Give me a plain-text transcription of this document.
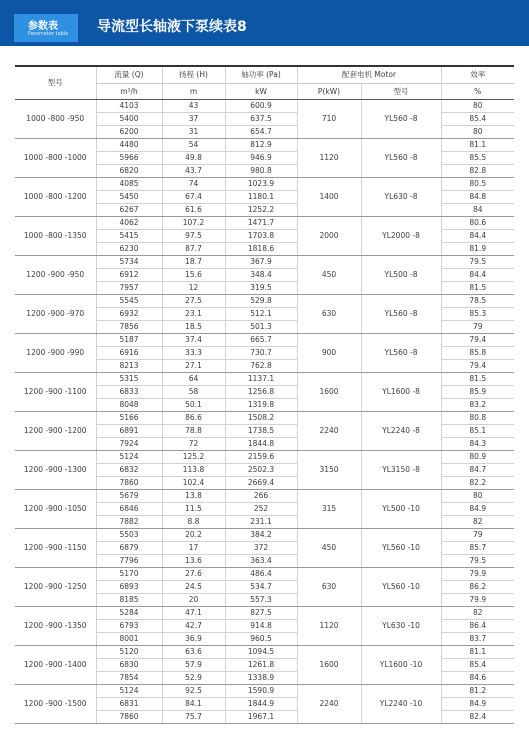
参数表
Parameter table 导流型长轴液下泵续表8
型号	流量 (Q)	扬程 (H)	轴功率 (Pa)	配套电机 Motor		效率
	m³/h	m	kW	P(kW)	型号	%
1000 -800 -950	4103	43	600.9	710	YL560 -8	80
	5400	37	637.5			85.4
	6200	31	654.7			80
1000 -800 -1000	4480	54	812.9	1120	YL560 -8	81.1
	5966	49.8	946.9			85.5
	6820	43.7	980.8			82.8
1000 -800 -1200	4085	74	1023.9	1400	YL630 -8	80.5
	5450	67.4	1180.1			84.8
	6267	61.6	1252.2			84
1000 -800 -1350	4062	107.2	1471.7	2000	YL2000 -8	80.6
	5415	97.5	1703.8			84.4
	6230	87.7	1818.6			81.9
1200 -900 -950	5734	18.7	367.9	450	YL500 -8	79.5
	6912	15.6	348.4			84.4
	7957	12	319.5			81.5
1200 -900 -970	5545	27.5	529.8	630	YL560 -8	78.5
	6932	23.1	512.1			85.3
	7856	18.5	501.3			79
1200 -900 -990	5187	37.4	665.7	900	YL560 -8	79.4
	6916	33.3	730.7			85.8
	8213	27.1	762.8			79.4
1200 -900 -1100	5315	64	1137.1	1600	YL1600 -8	81.5
	6833	58	1256.8			85.9
	8048	50.1	1319.8			83.2
1200 -900 -1200	5166	86.6	1508.2	2240	YL2240 -8	80.8
	6891	78.8	1738.5			85.1
	7924	72	1844.8			84.3
1200 -900 -1300	5124	125.2	2159.6	3150	YL3150 -8	80.9
	6832	113.8	2502.3			84.7
	7860	102.4	2669.4			82.2
1200 -900 -1050	5679	13.8	266	315	YL500 -10	80
	6846	11.5	252			84.9
	7882	8.8	231.1			82
1200 -900 -1150	5503	20.2	384.2	450	YL560 -10	79
	6879	17	372			85.7
	7796	13.6	363.4			79.5
1200 -900 -1250	5170	27.6	486.4	630	YL560 -10	79.9
	6893	24.5	534.7			86.2
	8185	20	557.3			79.9
1200 -900 -1350	5284	47.1	827.5	1120	YL630 -10	82
	6793	42.7	914.8			86.4
	8001	36.9	960.5			83.7
1200 -900 -1400	5120	63.6	1094.5	1600	YL1600 -10	81.1
	6830	57.9	1261.8			85.4
	7854	52.9	1338.9			84.6
1200 -900 -1500	5124	92.5	1590.9	2240	YL2240 -10	81.2
	6831	84.1	1844.9			84.9
	7860	75.7	1967.1			82.4
